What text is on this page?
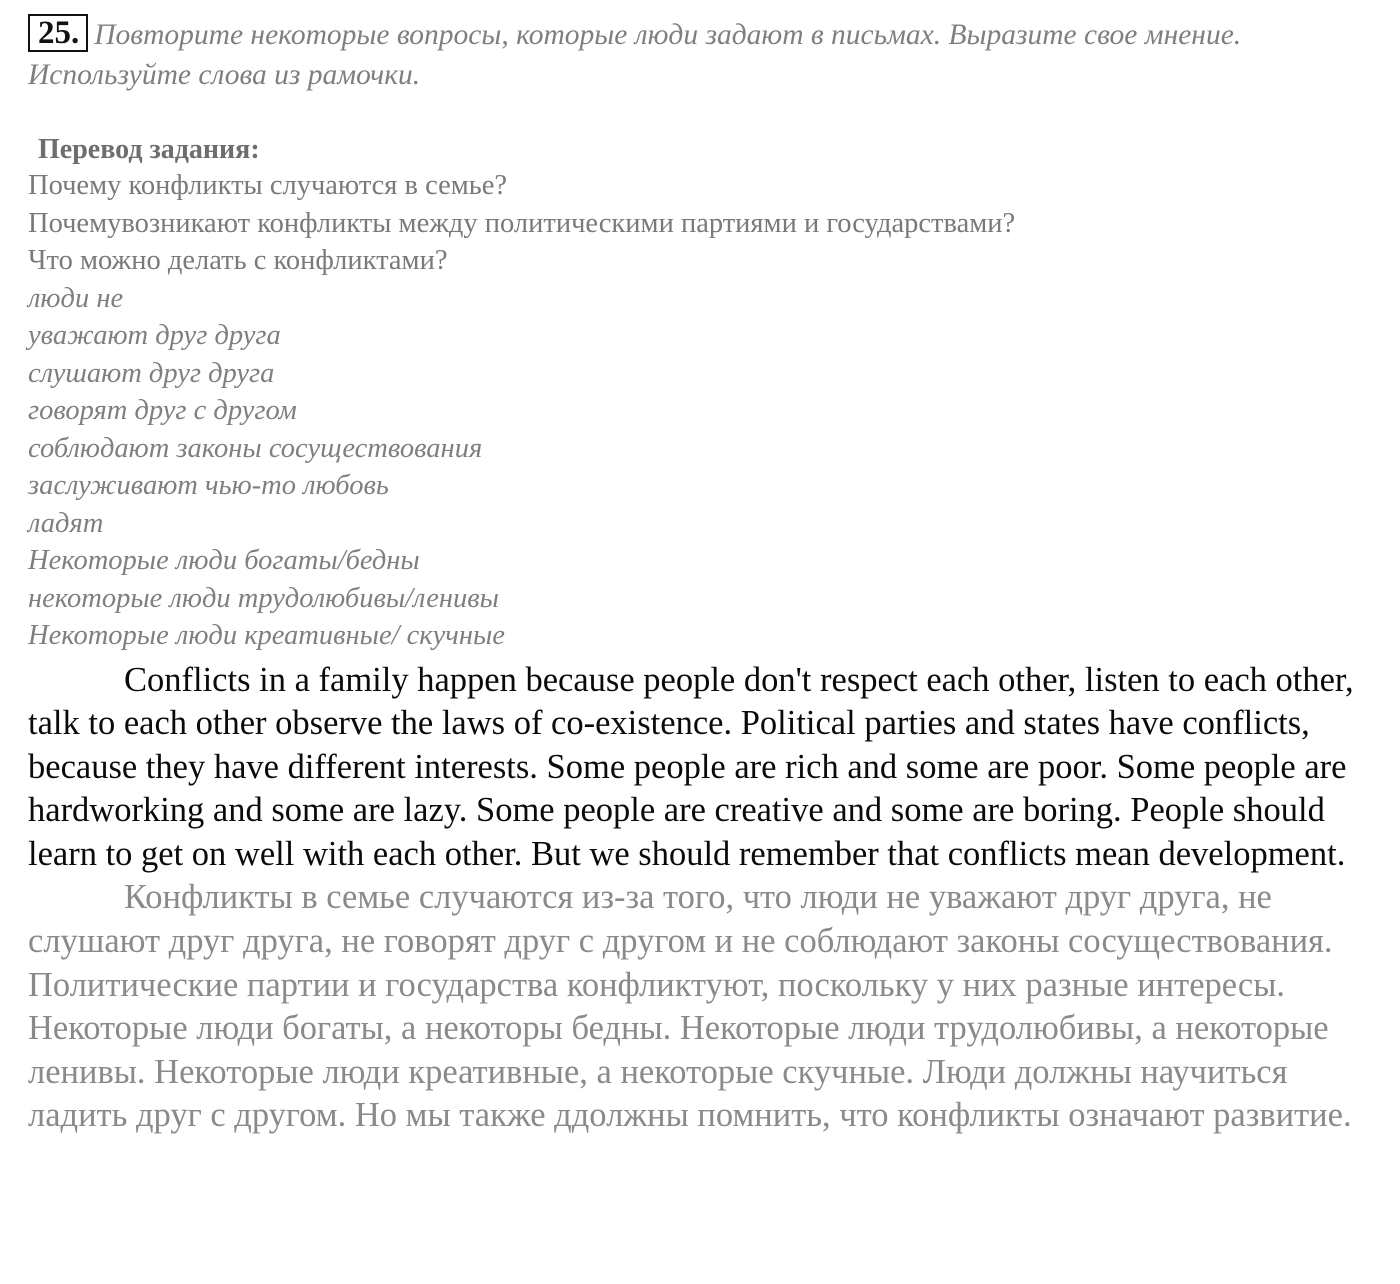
25. Повторите некоторые вопросы, которые люди задают в письмах. Выразите свое мнение. Используйте слова из рамочки.
Перевод задания:
Почему конфликты случаются в семье?
Почемувозникают конфликты между политическими партиями и государствами?
Что можно делать с конфликтами?
люди не
уважают друг друга
слушают друг друга
говорят друг с другом
соблюдают законы сосуществования
заслуживают чью-то любовь
ладят
Некоторые люди богаты/бедны
некоторые люди трудолюбивы/ленивы
Некоторые люди креативные/ скучные

Conflicts in a family happen because people don't respect each other, listen to each other, talk to each other observe the laws of co-existence. Political parties and states have conflicts, because they have different interests. Some people are rich and some are poor. Some people are hardworking and some are lazy. Some people are creative and some are boring. People should learn to get on well with each other. But we should remember that conflicts mean development.

Конфликты в семье случаются из-за того, что люди не уважают друг друга, не слушают друг друга, не говорят друг с другом и не соблюдают законы сосуществования. Политические партии и государства конфликтуют, поскольку у них разные интересы. Некоторые люди богаты, а некоторы бедны. Некоторые люди трудолюбивы, а некоторые ленивы. Некоторые люди креативные, а некоторые скучные. Люди должны научиться ладить друг с другом. Но мы также ддолжны помнить, что конфликты означают развитие.
